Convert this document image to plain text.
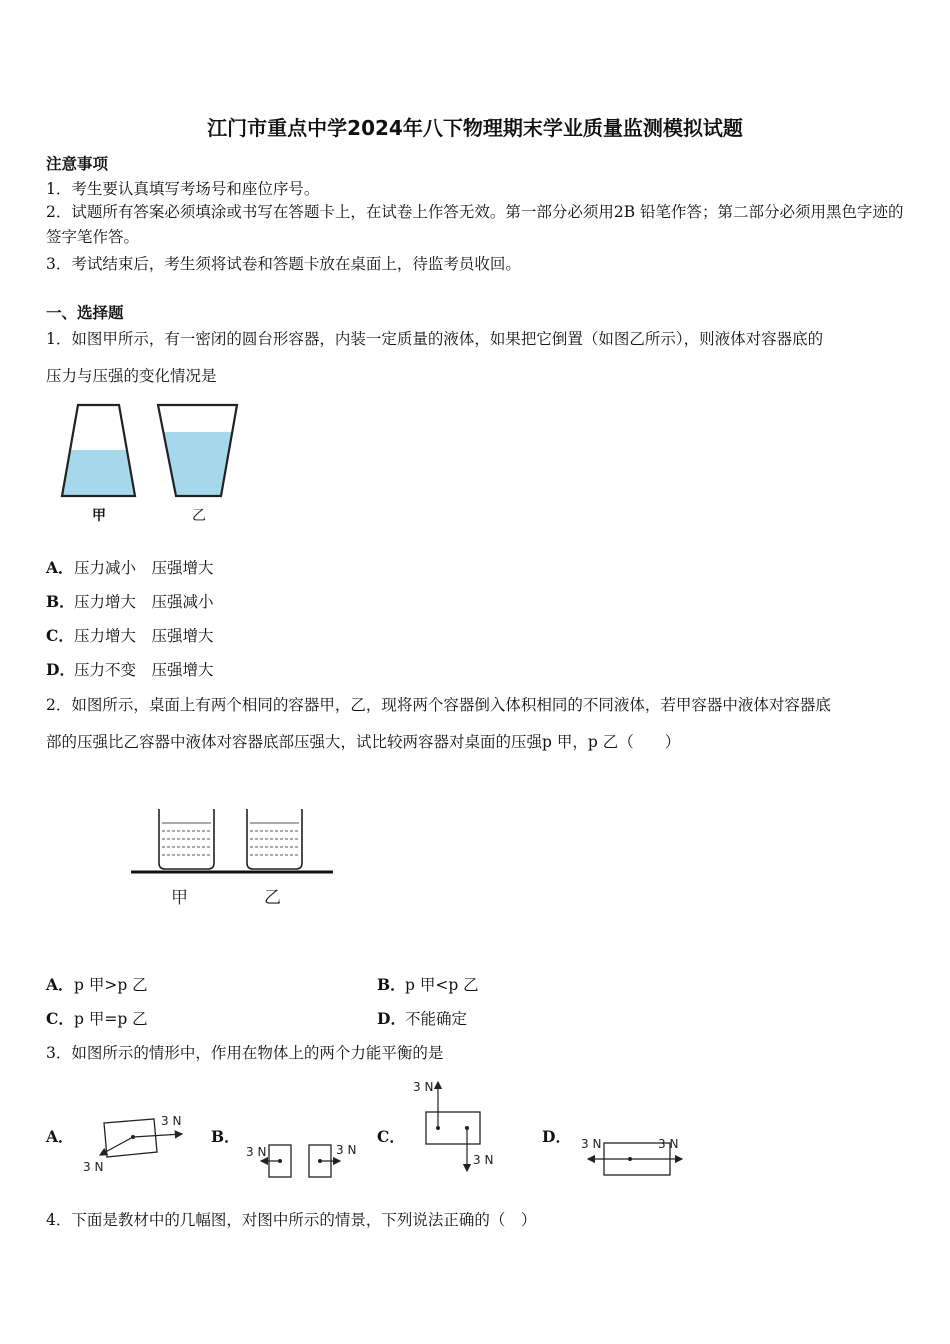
江门市重点中学2024年八下物理期末学业质量监测模拟试题
注意事项
1．考生要认真填写考场号和座位序号。
2．试题所有答案必须填涂或书写在答题卡上，在试卷上作答无效。第一部分必须用2B 铅笔作答；第二部分必须用黑色字迹的签字笔作答。
3．考试结束后，考生须将试卷和答题卡放在桌面上，待监考员收回。
一、选择题
1．如图甲所示，有一密闭的圆台形容器，内装一定质量的液体，如果把它倒置（如图乙所示），则液体对容器底的
压力与压强的变化情况是
甲	乙
A．压力减小　压强增大
B．压力增大　压强减小
C．压力增大　压强增大
D．压力不变　压强增大
2．如图所示，桌面上有两个相同的容器甲，乙，现将两个容器倒入体积相同的不同液体，若甲容器中液体对容器底
部的压强比乙容器中液体对容器底部压强大，试比较两容器对桌面的压强p 甲，p 乙（　　）
甲	乙
A．p 甲>p 乙	B．p 甲<p 乙
C．p 甲=p 乙	D．不能确定
3．如图所示的情形中，作用在物体上的两个力能平衡的是
A．	B．	C．	D．
3 N
3 N
3 N	3 N
3 N
3 N
3 N	3 N
4．下面是教材中的几幅图，对图中所示的情景，下列说法正确的（　）
